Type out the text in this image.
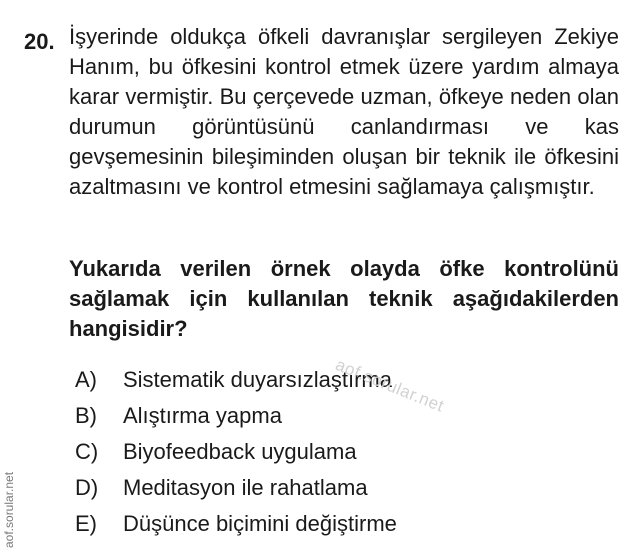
20. İşyerinde oldukça öfkeli davranışlar sergileyen Zekiye Hanım, bu öfkesini kontrol etmek üzere yardım almaya karar vermiştir. Bu çerçevede uzman, öfkeye neden olan durumun görüntüsünü canlandırması ve kas gevşemesinin bileşiminden oluşan bir teknik ile öfkesini azaltmasını ve kontrol etmesini sağlamaya çalışmıştır.
Yukarıda verilen örnek olayda öfke kontrolünü sağlamak için kullanılan teknik aşağıdakilerden hangisidir?
A)	Sistematik duyarsızlaştırma
B)	Alıştırma yapma
C)	Biyofeedback uygulama
D)	Meditasyon ile rahatlama
E)	Düşünce biçimini değiştirme
aof.sorular.net
aof.sorular.net
